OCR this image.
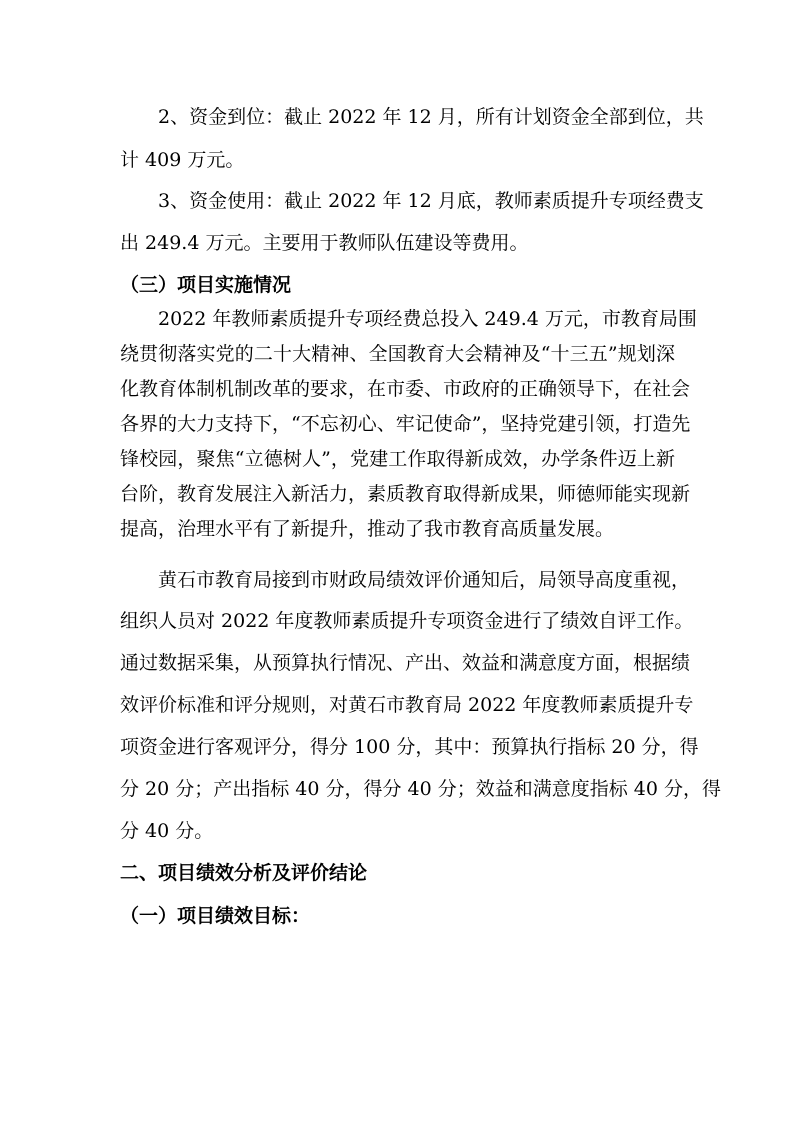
2、资金到位：截止 2022 年 12 月，所有计划资金全部到位，共
计 409 万元。
3、资金使用：截止 2022 年 12 月底，教师素质提升专项经费支
出 249.4 万元。主要用于教师队伍建设等费用。
（三）项目实施情况
2022 年教师素质提升专项经费总投入 249.4 万元，市教育局围
绕贯彻落实党的二十大精神、全国教育大会精神及“十三五”规划深
化教育体制机制改革的要求，在市委、市政府的正确领导下，在社会
各界的大力支持下，“不忘初心、牢记使命”，坚持党建引领，打造先
锋校园，聚焦“立德树人”，党建工作取得新成效，办学条件迈上新
台阶，教育发展注入新活力，素质教育取得新成果，师德师能实现新
提高，治理水平有了新提升，推动了我市教育高质量发展。
黄石市教育局接到市财政局绩效评价通知后，局领导高度重视，
组织人员对 2022 年度教师素质提升专项资金进行了绩效自评工作。
通过数据采集，从预算执行情况、产出、效益和满意度方面，根据绩
效评价标准和评分规则，对黄石市教育局 2022 年度教师素质提升专
项资金进行客观评分，得分 100 分，其中：预算执行指标 20 分，得
分 20 分；产出指标 40 分，得分 40 分；效益和满意度指标 40 分，得
分 40 分。
二、项目绩效分析及评价结论
（一）项目绩效目标：
